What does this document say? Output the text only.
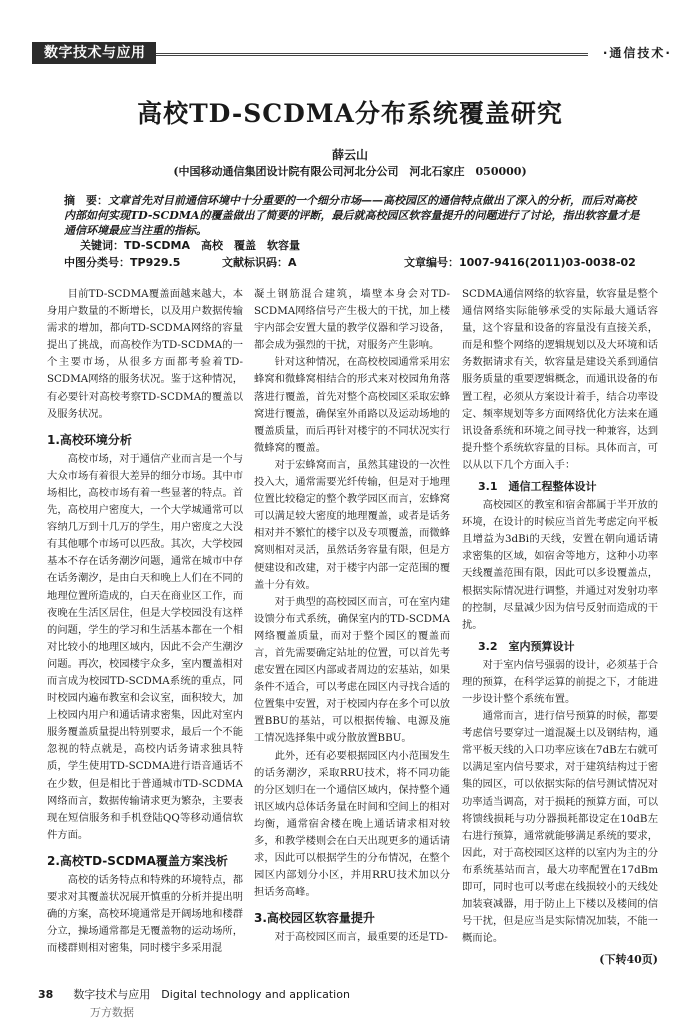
数字技术与应用	·通信技术·
高校TD-SCDMA分布系统覆盖研究
薛云山
(中国移动通信集团设计院有限公司河北分公司　河北石家庄　050000)
摘　要：文章首先对目前通信环境中十分重要的一个细分市场——高校园区的通信特点做出了深入的分析，而后对高校内部如何实现TD-SCDMA的覆盖做出了简要的评断，最后就高校园区软容量提升的问题进行了讨论，指出软容量才是通信环境最应当注重的指标。
关键词：TD-SCDMA　高校　覆盖　软容量
中图分类号：TP929.5	文献标识码：A	文章编号：1007-9416(2011)03-0038-02

目前TD-SCDMA覆盖面越来越大，本身用户数量的不断增长，以及用户数据传输需求的增加，都向TD-SCDMA网络的容量提出了挑战，而高校作为TD-SCDMA的一个主要市场，从很多方面都考验着TD-SCDMA网络的服务状况。鉴于这种情况，有必要针对高校考察TD-SCDMA的覆盖以及服务状况。

1.高校环境分析

高校市场，对于通信产业而言是一个与大众市场有着很大差异的细分市场。其中市场相比，高校市场有着一些显著的特点。首先，高校用户密度大，一个大学城通常可以容纳几万到十几万的学生，用户密度之大没有其他哪个市场可以匹敌。其次，大学校园基本不存在话务潮汐问题，通常在城市中存在话务潮汐，是由白天和晚上人们在不同的地理位置所造成的，白天在商业区工作，而夜晚在生活区居住，但是大学校园没有这样的问题，学生的学习和生活基本都在一个相对比较小的地理区域内，因此不会产生潮汐问题。再次，校园楼宇众多，室内覆盖相对而言成为校园TD-SCDMA系统的重点，同时校园内遍布教室和会议室，面积较大，加上校园内用户和通话请求密集，因此对室内服务覆盖质量提出特别要求，最后一个不能忽视的特点就是，高校内话务请求独具特质，学生使用TD-SCDMA进行语音通话不在少数，但是相比于普通城市TD-SCDMA网络而言，数据传输请求更为繁杂，主要表现在短信服务和手机登陆QQ等移动通信软件方面。

2.高校TD-SCDMA覆盖方案浅析

高校的话务特点和特殊的环境特点，都要求对其覆盖状况展开慎重的分析并提出明确的方案，高校环境通常是开阔场地和楼群分立，操场通常都是无覆盖物的运动场所，而楼群则相对密集，同时楼宇多采用混

凝土钢筋混合建筑，墙壁本身会对TD-SCDMA网络信号产生极大的干扰，加上楼宇内部会安置大量的教学仪器和学习设备，都会成为强烈的干扰，对服务产生影响。

针对这种情况，在高校校园通常采用宏蜂窝和微蜂窝相结合的形式来对校园角角落落进行覆盖，首先对整个高校园区采取宏蜂窝进行覆盖，确保室外甬路以及运动场地的覆盖质量，而后再针对楼宇的不同状况实行微蜂窝的覆盖。

对于宏蜂窝而言，虽然其建设的一次性投入大，通常需要光纤传输，但是对于地理位置比较稳定的整个教学园区而言，宏蜂窝可以满足较大密度的地理覆盖，或者是话务相对并不繁忙的楼宇以及专项覆盖，而微蜂窝则相对灵活，虽然话务容量有限，但是方便建设和改建，对于楼宇内部一定范围的覆盖十分有效。

对于典型的高校园区而言，可在室内建设馈分布式系统，确保室内的TD-SCDMA网络覆盖质量，而对于整个园区的覆盖而言，首先需要确定站址的位置，可以首先考虑安置在园区内部或者周边的宏基站，如果条件不适合，可以考虑在园区内寻找合适的位置集中安置，对于校园内存在多个可以放置BBU的基站，可以根据传输、电源及施工情况选择集中或分散放置BBU。

此外，还有必要根据园区内小范围发生的话务潮汐，采取RRU技术，将不同功能的分区划归在一个通信区域内，保持整个通讯区域内总体话务量在时间和空间上的相对均衡，通常宿舍楼在晚上通话请求相对较多，和教学楼则会在白天出现更多的通话请求，因此可以根据学生的分布情况，在整个园区内部划分小区，并用RRU技术加以分担话务高峰。

3.高校园区软容量提升

对于高校园区而言，最重要的还是TD-

SCDMA通信网络的软容量，软容量是整个通信网络实际能够承受的实际最大通话容量，这个容量和设备的容量没有直接关系，而是和整个网络的逻辑规划以及大环境和话务数据请求有关，软容量是建设关系到通信服务质量的重要逻辑概念，而通讯设备的布置工程，必须从方案设计着手，结合功率设定、频率规划等多方面网络优化方法来在通讯设备系统和环境之间寻找一种兼容，达到提升整个系统软容量的目标。具体而言，可以从以下几个方面入手：

3.1　通信工程整体设计

高校园区的教室和宿舍都属于半开放的环境，在设计的时候应当首先考虑定向平板且增益为3dBi的天线，安置在朝向通话请求密集的区域，如宿舍等地方，这种小功率天线覆盖范围有限，因此可以多设覆盖点，根据实际情况进行调整，并通过对发射功率的控制，尽量减少因为信号反射而造成的干扰。

3.2　室内预算设计

对于室内信号强弱的设计，必须基于合理的预算，在科学运算的前提之下，才能进一步设计整个系统布置。

通常而言，进行信号预算的时候，都要考虑信号要穿过一道混凝土以及钢结构，通常平板天线的入口功率应该在7dB左右就可以满足室内信号要求，对于建筑结构过于密集的园区，可以依据实际的信号测试情况对功率适当调高，对于损耗的预算方面，可以将馈线损耗与功分器损耗都设定在10dB左右进行预算，通常就能够满足系统的要求，因此，对于高校园区这样的以室内为主的分布系统基站而言，最大功率配置在17dBm即可，同时也可以考虑在线损较小的天线处加装衰减器，用于防止上下楼以及楼间的信号干扰，但是应当是实际情况加装，不能一概而论。

(下转40页)
38 数字技术与应用　Digital technology and application
万方数据
